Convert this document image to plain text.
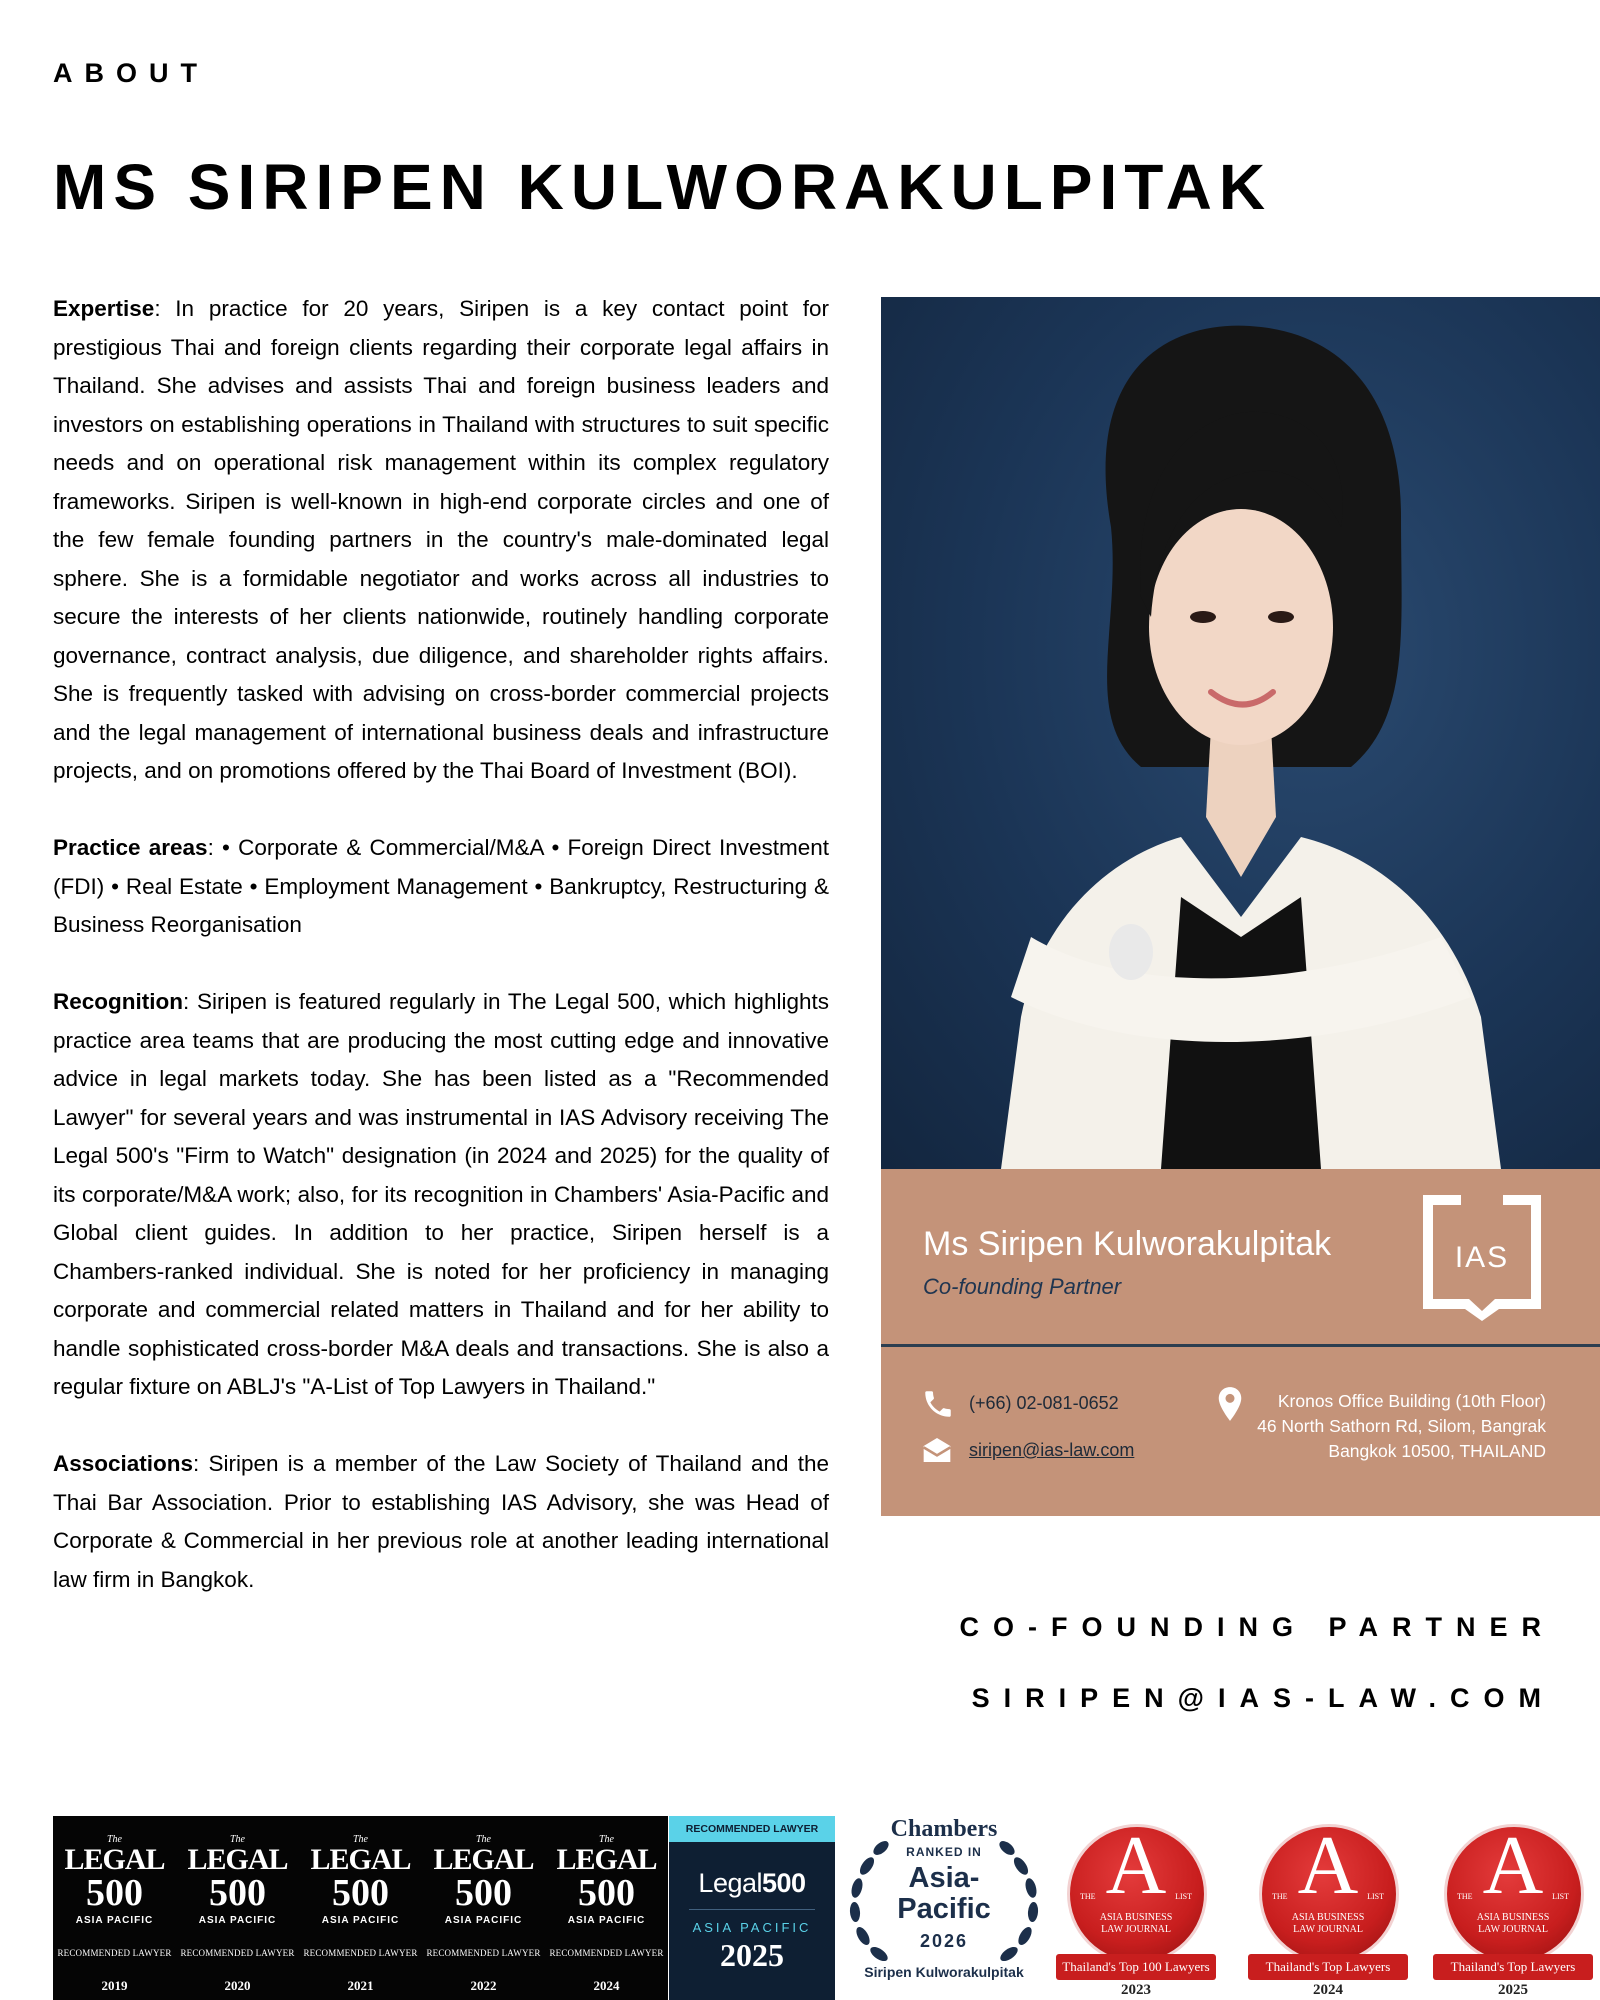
ABOUT
MS SIRIPEN KULWORAKULPITAK

Expertise: In practice for 20 years, Siripen is a key contact point for prestigious Thai and foreign clients regarding their corporate legal affairs in Thailand. She advises and assists Thai and foreign business leaders and investors on establishing operations in Thailand with structures to suit specific needs and on operational risk management within its complex regulatory frameworks. Siripen is well-known in high-end corporate circles and one of the few female founding partners in the country's male-dominated legal sphere. She is a formidable negotiator and works across all industries to secure the interests of her clients nationwide, routinely handling corporate governance, contract analysis, due diligence, and shareholder rights affairs. She is frequently tasked with advising on cross-border commercial projects and the legal management of international business deals and infrastructure projects, and on promotions offered by the Thai Board of Investment (BOI).

Practice areas: • Corporate & Commercial/M&A • Foreign Direct Investment (FDI) • Real Estate • Employment Management • Bankruptcy, Restructuring & Business Reorganisation

Recognition: Siripen is featured regularly in The Legal 500, which highlights practice area teams that are producing the most cutting edge and innovative advice in legal markets today. She has been listed as a "Recommended Lawyer" for several years and was instrumental in IAS Advisory receiving The Legal 500's "Firm to Watch" designation (in 2024 and 2025) for the quality of its corporate/M&A work; also, for its recognition in Chambers' Asia-Pacific and Global client guides. In addition to her practice, Siripen herself is a Chambers-ranked individual. She is noted for her proficiency in managing corporate and commercial related matters in Thailand and for her ability to handle sophisticated cross-border M&A deals and transactions. She is also a regular fixture on ABLJ's "A-List of Top Lawyers in Thailand."

Associations: Siripen is a member of the Law Society of Thailand and the Thai Bar Association. Prior to establishing IAS Advisory, she was Head of Corporate & Commercial in her previous role at another leading international law firm in Bangkok.

Ms Siripen Kulworakulpitak
Co-founding Partner
IAS
(+66) 02-081-0652
siripen@ias-law.com
Kronos Office Building (10th Floor)
46 North Sathorn Rd, Silom, Bangrak
Bangkok 10500, THAILAND
CO-FOUNDING PARTNER
SIRIPEN@IAS-LAW.COM
The
LEGAL
500
ASIA PACIFIC
RECOMMENDED LAWYER
2019
The
LEGAL
500
ASIA PACIFIC
RECOMMENDED LAWYER
2020
The
LEGAL
500
ASIA PACIFIC
RECOMMENDED LAWYER
2021
The
LEGAL
500
ASIA PACIFIC
RECOMMENDED LAWYER
2022
The
LEGAL
500
ASIA PACIFIC
RECOMMENDED LAWYER
2024
RECOMMENDED LAWYER
Legal500
ASIA PACIFIC
2025
Chambers
RANKED IN
Asia-
Pacific
2026
Siripen Kulworakulpitak
A
THE	LIST
ASIA BUSINESS
LAW JOURNAL
Thailand's Top 100 Lawyers
2023
A
THE	LIST
ASIA BUSINESS
LAW JOURNAL
Thailand's Top Lawyers
2024
A
THE	LIST
ASIA BUSINESS
LAW JOURNAL
Thailand's Top Lawyers
2025
